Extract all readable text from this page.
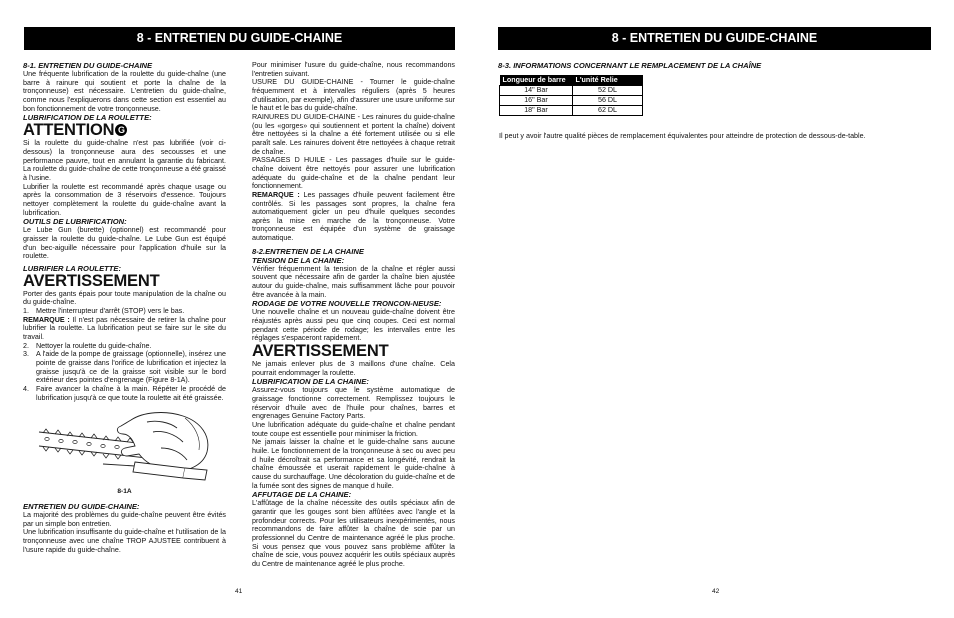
8 - ENTRETIEN DU GUIDE-CHAINE
8-1. ENTRETIEN DU GUIDE-CHAINE

Une fréquente lubrification de la roulette du guide-chaîne (une barre à rainure qui soutient et porte la chaîne de la tronçonneuse) est nécessaire. L'entretien du guide-chaîne, comme nous l'expliquerons dans cette section est essentiel au bon fonctionnement de votre tronçonneuse.

LUBRIFICATION DE LA ROULETTE:
ATTENTION G

Si la roulette du guide-chaîne n'est pas lubrifiée (voir ci-dessous) la tronçonneuse aura des secousses et une performance pauvre, tout en annulant la garantie du fabricant. La roulette du guide-chaîne de cette tronçonneuse a été graissé à l'usine.

Lubrifier la roulette est recommandé après chaque usage ou après la consommation de 3 réservoirs d'essence. Toujours nettoyer complètement la roulette du guide-chaîne avant la lubrification.

OUTILS DE LUBRIFICATION:

Le Lube Gun (burette) (optionnel) est recommandé pour graisser la roulette du guide-chaîne. Le Lube Gun est équipé d'un bec-aiguille nécessaire pour l'application d'huile sur la roulette.

LUBRIFIER LA ROULETTE:
AVERTISSEMENT

Porter des gants épais pour toute manipulation de la chaîne ou du guide-chaîne.

1. Mettre l'interrupteur d'arrêt (STOP) vers le bas.

REMARQUE : Il n'est pas nécessaire de retirer la chaîne pour lubrifier la roulette. La lubrification peut se faire sur le site du travail.

2. Nettoyer la roulette du guide-chaîne.
3. A l'aide de la pompe de graissage (optionnelle), insérez une pointe de graisse dans l'orifice de lubrification et injectez la graisse jusqu'à ce de la graisse soit visible sur le bord extérieur des pointes d'engrenage (Figure 8-1A).
4. Faire avancer la chaîne à la main. Répéter le procédé de lubrification jusqu'à ce que toute la roulette ait été graissée.
8-1A
ENTRETIEN DU GUIDE-CHAINE:

La majorité des problèmes du guide-chaîne peuvent être évités par un simple bon entretien.

Une lubrification insuffisante du guide-chaîne et l'utilisation de la tronçonneuse avec une chaîne TROP AJUSTEE contribuent à l'usure rapide du guide-chaîne.

Pour minimiser l'usure du guide-chaîne, nous recommandons l'entretien suivant.

USURE DU GUIDE-CHAINE - Tourner le guide-chaîne fréquemment et à intervalles réguliers (après 5 heures d'utilisation, par exemple), afin d'assurer une usure uniforme sur le haut et le bas du guide-chaîne.

RAINURES DU GUIDE-CHAINE - Les rainures du guide-chaîne (ou les «gorges» qui soutiennent et portent la chaîne) doivent être nettoyées si la chaîne a été fortement utilisée ou si elle paraît sale. Les rainures doivent être nettoyées à chaque retrait de chaîne.

PASSAGES D HUILE - Les passages d'huile sur le guide-chaîne doivent être nettoyés pour assurer une lubrification adéquate du guide-chaîne et de la chaîne pendant leur fonctionnement.

REMARQUE : Les passages d'huile peuvent facilement être contrôlés. Si les passages sont propres, la chaîne fera automatiquement gicler un peu d'huile quelques secondes après la mise en marche de la tronçonneuse. Votre tronçonneuse est équipée d'un système de graissage automatique.

8-2.ENTRETIEN DE LA CHAINE
TENSION DE LA CHAINE:

Vérifier fréquemment la tension de la chaîne et régler aussi souvent que nécessaire afin de garder la chaîne bien ajustée autour du guide-chaîne, mais suffisamment lâche pour pouvoir être avancée à la main.

RODAGE DE VOTRE NOUVELLE TRONCON-NEUSE:

Une nouvelle chaîne et un nouveau guide-chaîne doivent être réajustés après aussi peu que cinq coupes. Ceci est normal pendant cette période de rodage; les intervalles entre les réglages s'espaceront rapidement.

AVERTISSEMENT

Ne jamais enlever plus de 3 maillons d'une chaîne. Cela pourrait endommager la roulette.

LUBRIFICATION DE LA CHAINE:

Assurez-vous toujours que le système automatique de graissage fonctionne correctement. Remplissez toujours le réservoir d'huile avec de l'huile pour chaînes, barres et engrenages Genuine Factory Parts.

Une lubrification adéquate du guide-chaîne et chaîne pendant toute coupe est essentielle pour minimiser la friction.

Ne jamais laisser la chaîne et le guide-chaîne sans aucune huile. Le fonctionnement de la tronçonneuse à sec ou avec peu d huile décroîtrait sa performance et sa longévité, rendrait la chaîne émoussée et userait rapidement le guide-chaîne à cause du surchauffage. Une décoloration du guide-chaîne et de la fumée sont des signes de manque d huile.

AFFUTAGE DE LA CHAINE:

L'affûtage de la chaîne nécessite des outils spéciaux afin de garantir que les gouges sont bien affûtées avec l'angle et la profondeur corrects. Pour les utilisateurs inexpérimentés, nous recommandons de faire affûter la chaîne de scie par un professionnel du Centre de maintenance agréé le plus proche. Si vous pensez que vous pouvez sans problème affûter la chaîne de scie, vous pouvez acquérir les outils spéciaux auprès du Centre de maintenance agréé le plus proche.

41
8 - ENTRETIEN DU GUIDE-CHAINE
8-3. INFORMATIONS CONCERNANT LE REMPLACEMENT DE LA CHAÎNE
42
Longueur de barre	L'unité Relie
14" Bar	52 DL
16" Bar	56 DL
18" Bar	62 DL
Il peut y avoir l'autre qualité pièces de remplacement équivalentes pour atteindre de protection de dessous-de-table.
